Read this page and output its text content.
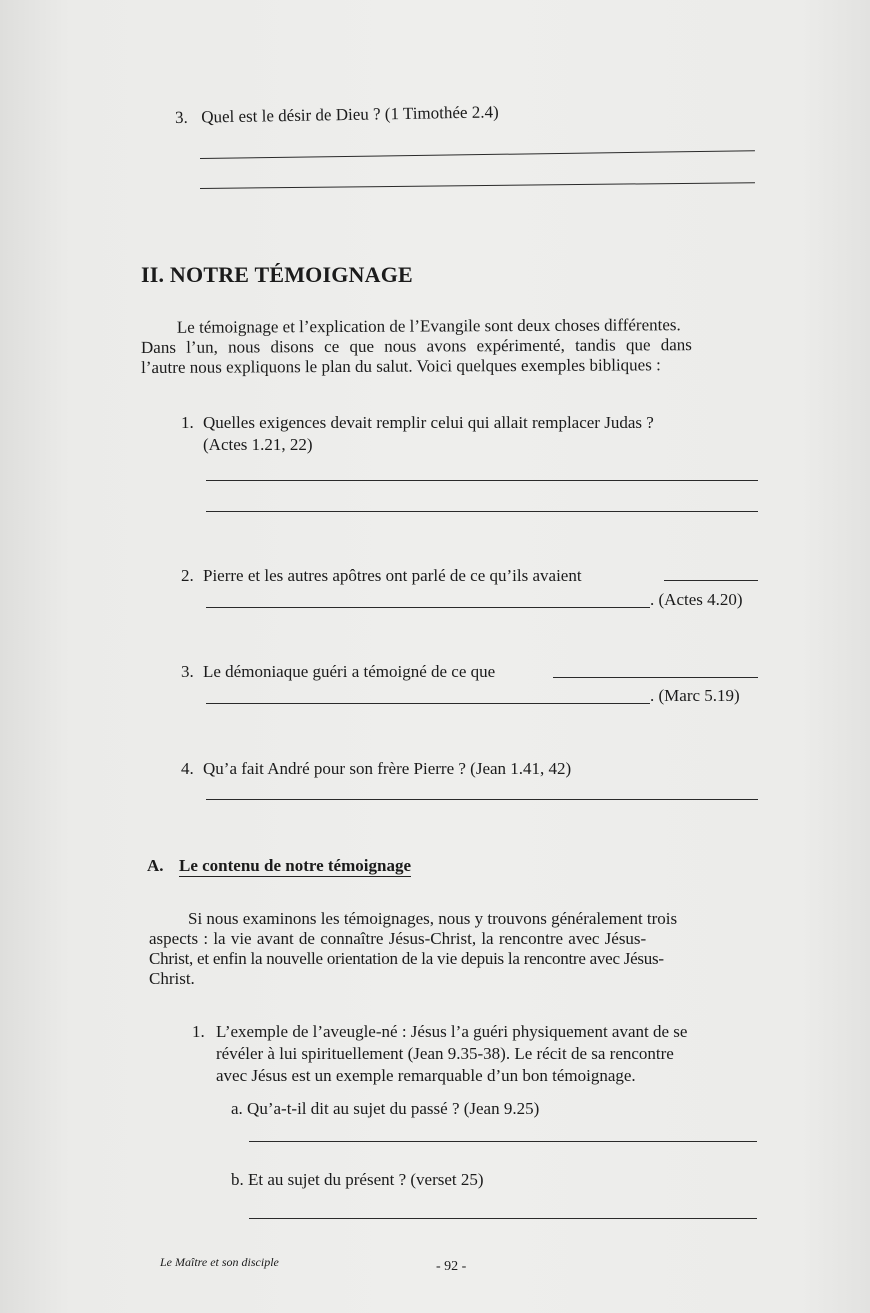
3. Quel est le désir de Dieu ? (1 Timothée 2.4)
II. NOTRE TÉMOIGNAGE
Le témoignage et l’explication de l’Evangile sont deux choses différentes.
Dans l’un, nous disons ce que nous avons expérimenté, tandis que dans
l’autre nous expliquons le plan du salut. Voici quelques exemples bibliques :
1. Quelles exigences devait remplir celui qui allait remplacer Judas ?
(Actes 1.21, 22)
2. Pierre et les autres apôtres ont parlé de ce qu’ils avaient
. (Actes 4.20)
3. Le démoniaque guéri a témoigné de ce que
. (Marc 5.19)
4. Qu’a fait André pour son frère Pierre ? (Jean 1.41, 42)
A. Le contenu de notre témoignage
Si nous examinons les témoignages, nous y trouvons généralement trois
aspects : la vie avant de connaître Jésus-Christ, la rencontre avec Jésus-
Christ, et enfin la nouvelle orientation de la vie depuis la rencontre avec Jésus-
Christ.
1. L’exemple de l’aveugle-né : Jésus l’a guéri physiquement avant de se
révéler à lui spirituellement (Jean 9.35-38). Le récit de sa rencontre
avec Jésus est un exemple remarquable d’un bon témoignage.
a. Qu’a-t-il dit au sujet du passé ? (Jean 9.25)
b. Et au sujet du présent ? (verset 25)
Le Maître et son disciple	- 92 -
